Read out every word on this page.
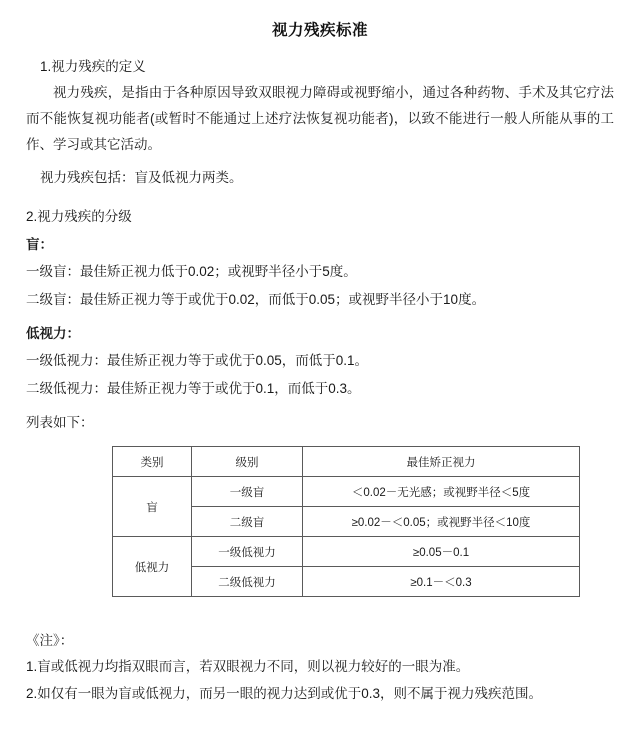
视力残疾标准
1.视力残疾的定义
视力残疾，是指由于各种原因导致双眼视力障碍或视野缩小，通过各种药物、手术及其它疗法而不能恢复视功能者(或暂时不能通过上述疗法恢复视功能者)，以致不能进行一般人所能从事的工作、学习或其它活动。
视力残疾包括：盲及低视力两类。
2.视力残疾的分级
盲：
一级盲：最佳矫正视力低于0.02；或视野半径小于5度。
二级盲：最佳矫正视力等于或优于0.02，而低于0.05；或视野半径小于10度。
低视力：
一级低视力：最佳矫正视力等于或优于0.05，而低于0.1。
二级低视力：最佳矫正视力等于或优于0.1，而低于0.3。
列表如下：
类别	级别	最佳矫正视力
盲	一级盲	＜0.02－无光感；或视野半径＜5度
	二级盲	≥0.02－＜0.05；或视野半径＜10度
低视力	一级低视力	≥0.05－0.1
	二级低视力	≥0.1－＜0.3
《注》：
1.盲或低视力均指双眼而言，若双眼视力不同，则以视力较好的一眼为准。
2.如仅有一眼为盲或低视力，而另一眼的视力达到或优于0.3，则不属于视力残疾范围。
